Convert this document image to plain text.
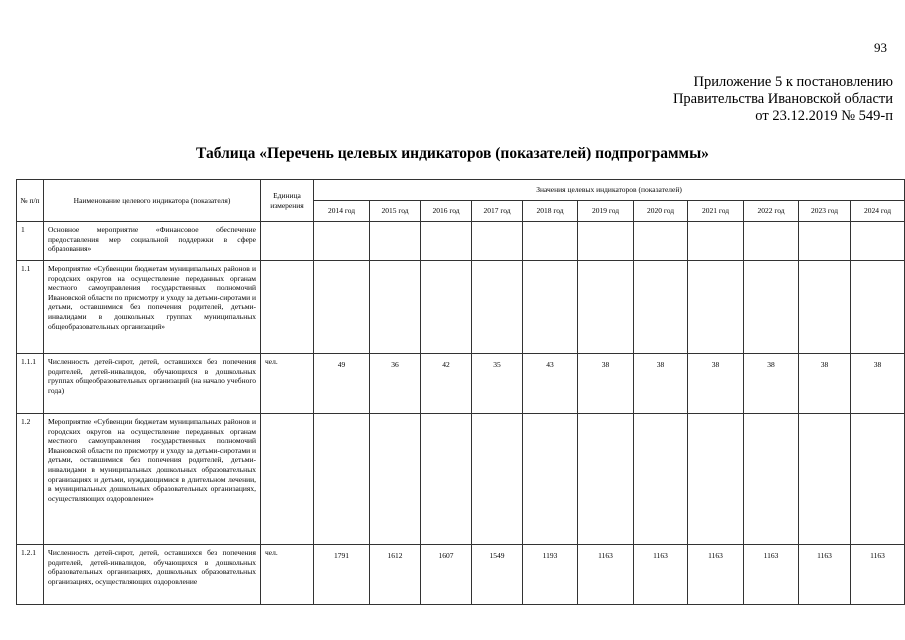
93
Приложение 5 к постановлению
Правительства Ивановской области
от 23.12.2019 № 549-п
Таблица «Перечень целевых индикаторов (показателей) подпрограммы»
№ п/п	Наименование целевого индикатора (показателя)	Единица измерения	Значения целевых индикаторов (показателей)										
			2014 год	2015 год	2016 год	2017 год	2018 год	2019 год	2020 год	2021 год	2022 год	2023 год	2024 год
1	Основное мероприятие «Финансовое обеспечение предоставления мер социальной поддержки в сфере образования»												
1.1	Мероприятие «Субвенции бюджетам муниципальных районов и городских округов на осуществление переданных органам местного самоуправления государственных полномочий Ивановской области по присмотру и уходу за детьми-сиротами и детьми, оставшимися без попечения родителей, детьми-инвалидами в дошкольных группах муниципальных общеобразовательных организаций»												
1.1.1	Численность детей-сирот, детей, оставшихся без попечения родителей, детей-инвалидов, обучающихся в дошкольных группах общеобразовательных организаций (на начало учебного года)	чел.	49	36	42	35	43	38	38	38	38	38	38
1.2	Мероприятие «Субвенции бюджетам муниципальных районов и городских округов на осуществление переданных органам местного самоуправления государственных полномочий Ивановской области по присмотру и уходу за детьми-сиротами и детьми, оставшимися без попечения родителей, детьми-инвалидами в муниципальных дошкольных образовательных организациях и детьми, нуждающимися в длительном лечении, в муниципальных дошкольных образовательных организациях, осуществляющих оздоровление»												
1.2.1	Численность детей-сирот, детей, оставшихся без попечения родителей, детей-инвалидов, обучающихся в дошкольных образовательных организациях, дошкольных образовательных организациях, осуществляющих оздоровление	чел.	1791	1612	1607	1549	1193	1163	1163	1163	1163	1163	1163
